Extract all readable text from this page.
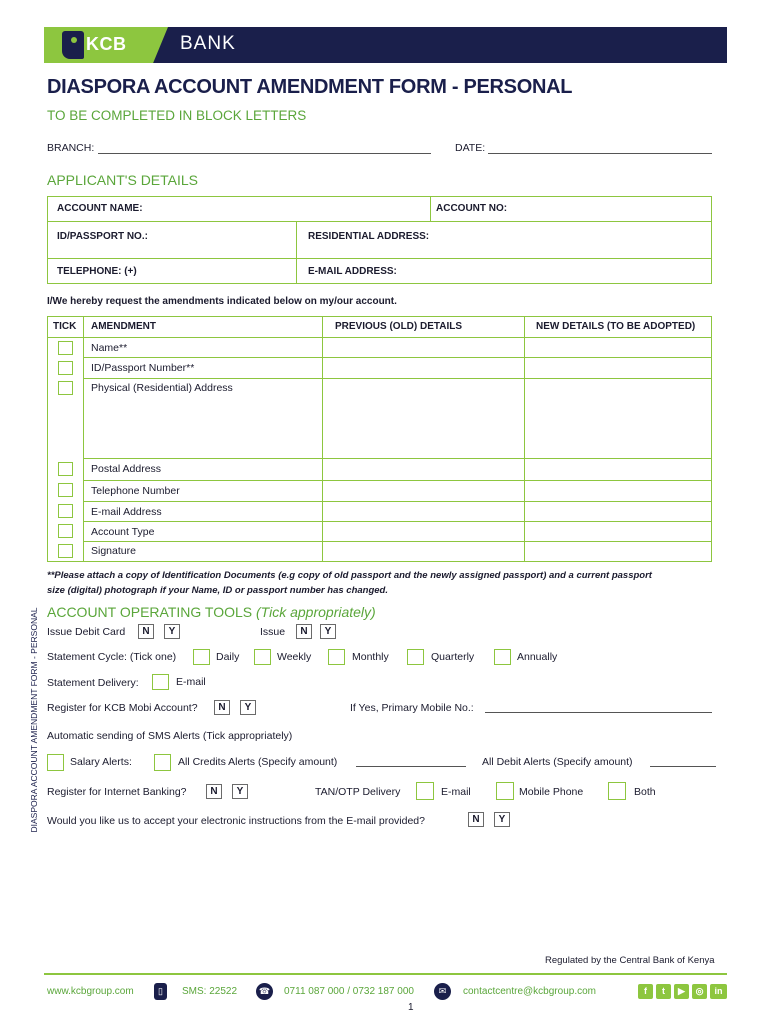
KCB	BANK
DIASPORA ACCOUNT AMENDMENT FORM - PERSONAL
TO BE COMPLETED IN BLOCK LETTERS
BRANCH:	DATE:
APPLICANT'S DETAILS
ACCOUNT NAME:	ACCOUNT NO:
ID/PASSPORT NO.:	RESIDENTIAL ADDRESS:
TELEPHONE: (+)	E-MAIL ADDRESS:
I/We hereby request the amendments indicated below on my/our account.
TICK AMENDMENT	PREVIOUS (OLD) DETAILS	NEW DETAILS (TO BE ADOPTED)
Name**
ID/Passport Number**
Physical (Residential) Address
Postal Address
Telephone Number
E-mail Address
Account Type
Signature
**Please attach a copy of Identification Documents (e.g copy of old passport and the newly assigned passport) and a current passport
size (digital) photograph if your Name, ID or passport number has changed.
DIASPORA ACCOUNT AMENDMENT FORM - PERSONAL ACCOUNT OPERATING TOOLS (Tick appropriately)
Issue Debit Card	N	Y	Issue	N	Y
Statement Cycle: (Tick one)	Daily	Weekly	Monthly	Quarterly	Annually
Statement Delivery:	E-mail
Register for KCB Mobi Account?	N	Y	If Yes, Primary Mobile No.:
Automatic sending of SMS Alerts (Tick appropriately)
Salary Alerts:	All Credits Alerts (Specify amount)	All Debit Alerts (Specify amount)
Register for Internet Banking?	N	Y	TAN/OTP Delivery	E-mail	Mobile Phone	Both
Would you like us to accept your electronic instructions from the E-mail provided?	N	Y
Regulated by the Central Bank of Kenya
www.kcbgroup.com	▯	SMS: 22522	☎ 0711 087 000 / 0732 187 000	✉	contactcentre@kcbgroup.com	f	t	▶	◎	in
1
